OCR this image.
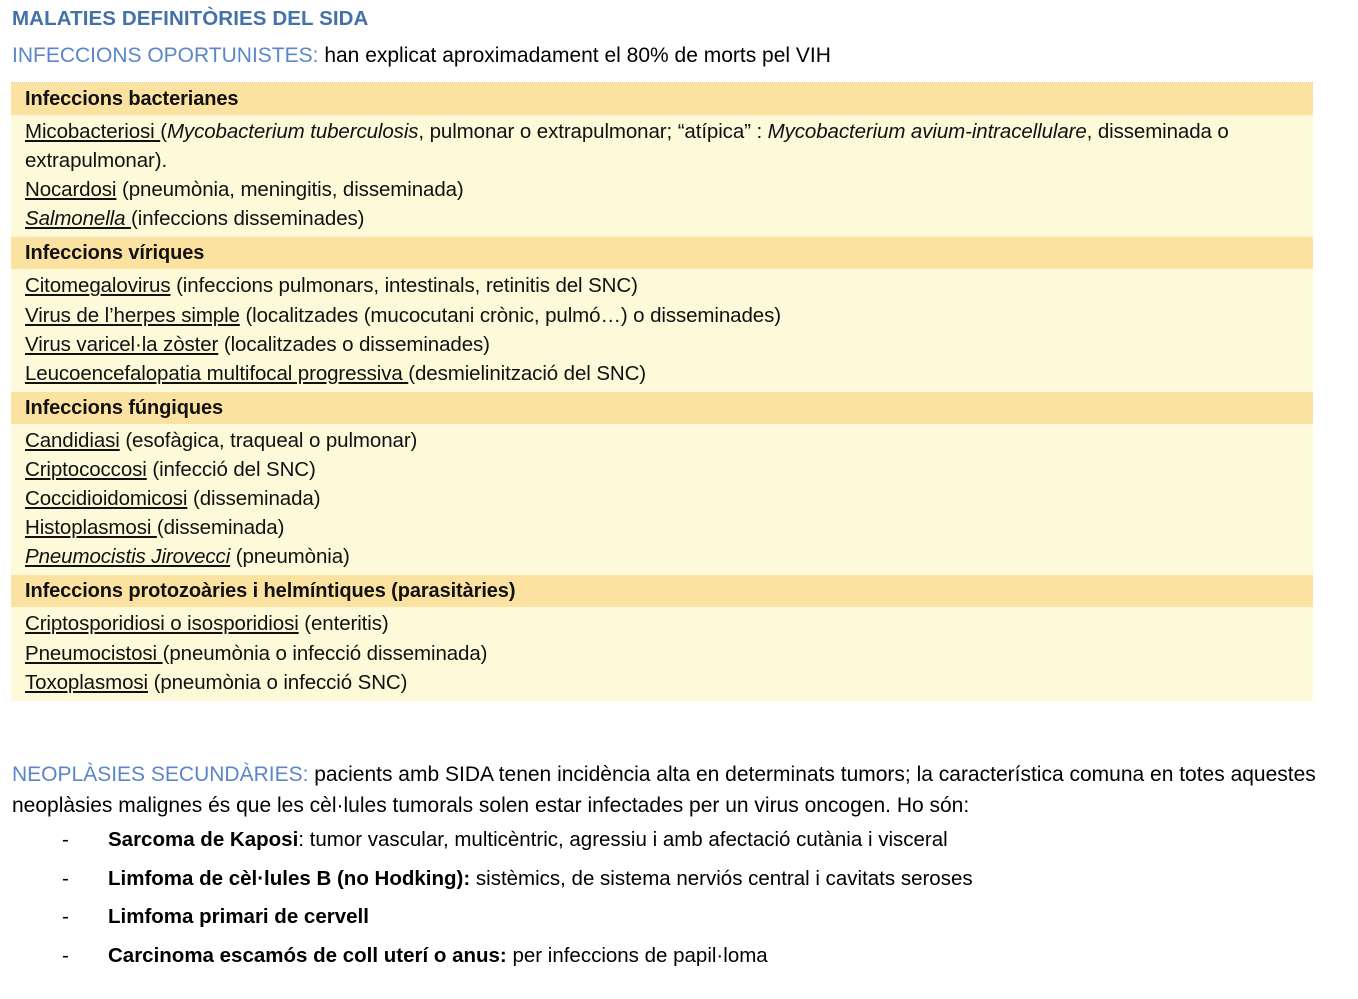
MALATIES DEFINITÒRIES DEL SIDA
INFECCIONS OPORTUNISTES: han explicat aproximadament el 80% de morts pel VIH
Infeccions bacterianes
Micobacteriosi (Mycobacterium tuberculosis, pulmonar o extrapulmonar; “atípica” : Mycobacterium avium-intracellulare, disseminada o extrapulmonar).
Nocardosi (pneumònia, meningitis, disseminada)
Salmonella (infeccions disseminades)
Infeccions víriques
Citomegalovirus (infeccions pulmonars, intestinals, retinitis del SNC)
Virus de l’herpes simple (localitzades (mucocutani crònic, pulmó…) o disseminades)
Virus varicel·la zòster (localitzades o disseminades)
Leucoencefalopatia multifocal progressiva (desmielinització del SNC)
Infeccions fúngiques
Candidiasi (esofàgica, traqueal o pulmonar)
Criptococcosi (infecció del SNC)
Coccidioidomicosi (disseminada)
Histoplasmosi (disseminada)
Pneumocistis Jirovecci (pneumònia)
Infeccions protozoàries i helmíntiques (parasitàries)
Criptosporidiosi o isosporidiosi (enteritis)
Pneumocistosi (pneumònia o infecció disseminada)
Toxoplasmosi (pneumònia o infecció SNC)
NEOPLÀSIES SECUNDÀRIES: pacients amb SIDA tenen incidència alta en determinats tumors; la característica comuna en totes aquestes neoplàsies malignes és que les cèl·lules tumorals solen estar infectades per un virus oncogen. Ho són:
- Sarcoma de Kaposi: tumor vascular, multicèntric, agressiu i amb afectació cutània i visceral
- Limfoma de cèl·lules B (no Hodking): sistèmics, de sistema nerviós central i cavitats seroses
- Limfoma primari de cervell
- Carcinoma escamós de coll uterí o anus: per infeccions de papil·loma
